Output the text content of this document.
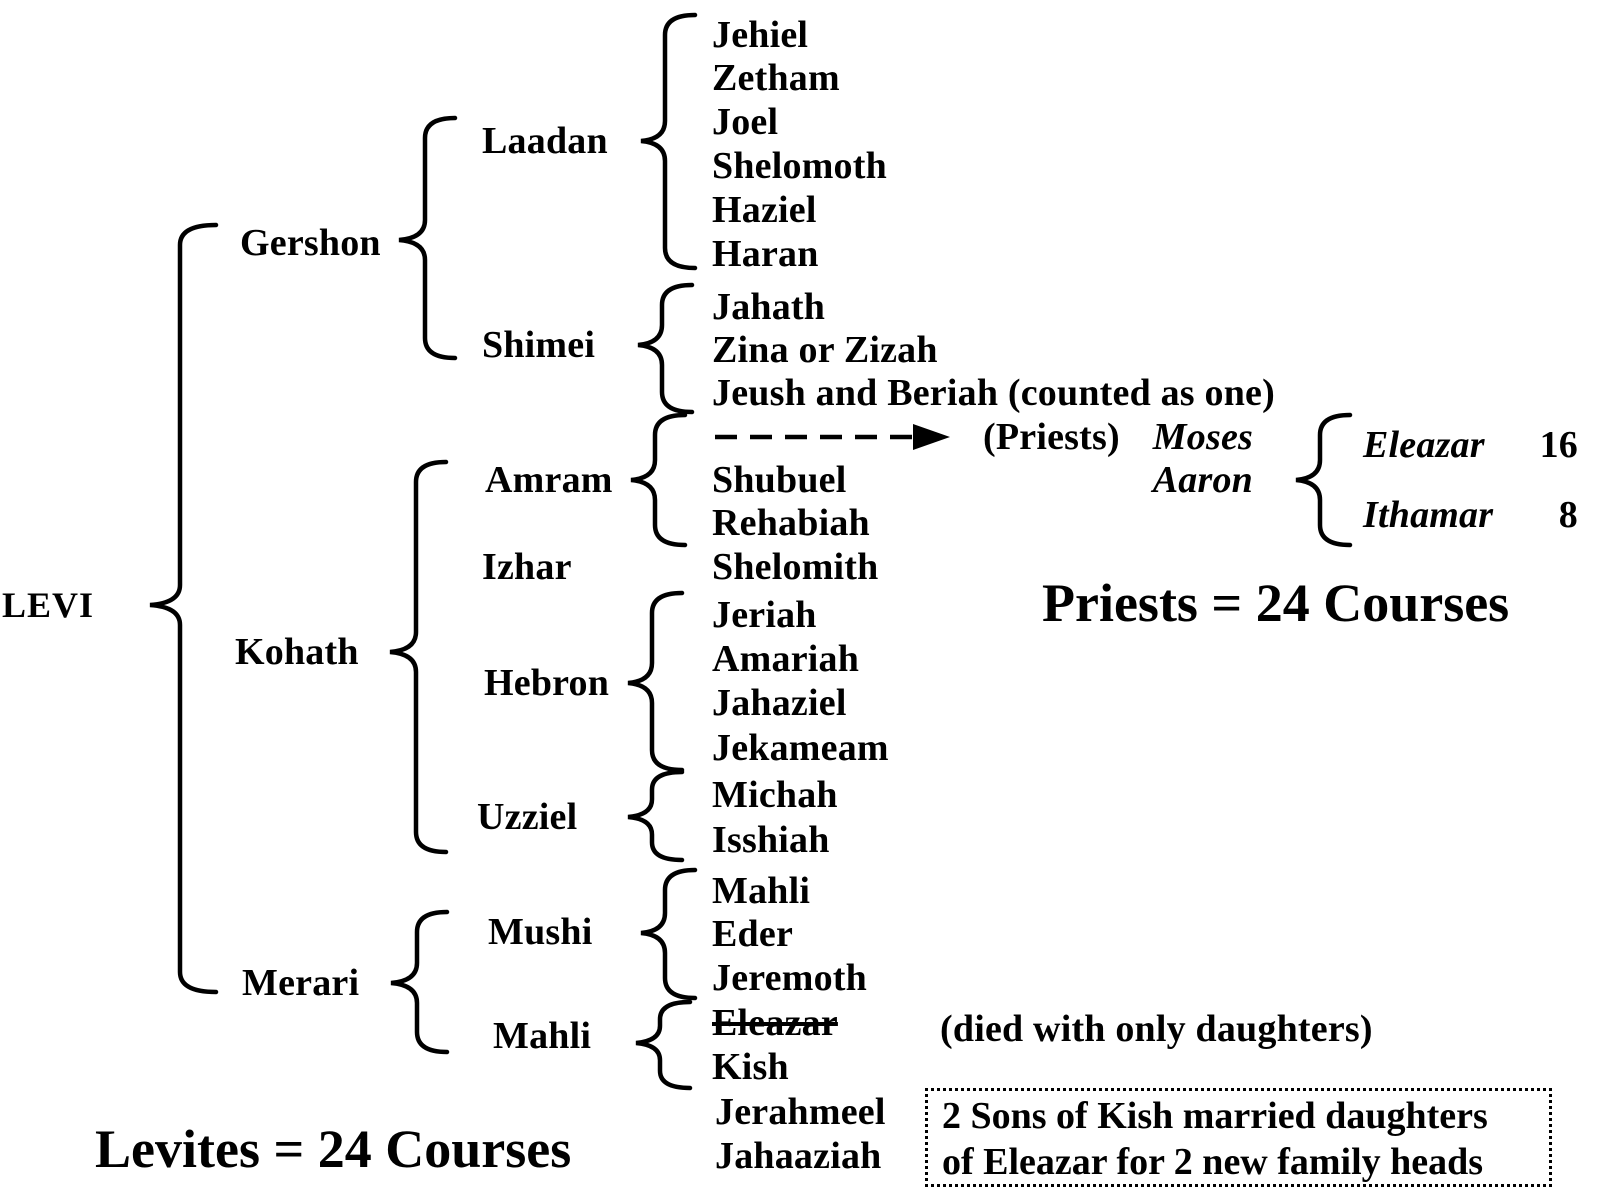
LEVI
Gershon
Kohath
Merari
Laadan
Shimei
Amram
Izhar
Hebron
Uzziel
Mushi
Mahli
Jehiel
Zetham
Joel
Shelomoth
Haziel
Haran
Jahath
Zina or Zizah
Jeush and Beriah (counted as one)
(Priests) Moses
Aaron
Shubuel
Rehabiah
Eleazar	16
Ithamar	8
Shelomith
Jeriah
Amariah
Jahaziel
Jekameam
Michah
Isshiah
Mahli
Eder
Jeremoth
Eleazar	(died with only daughters)
Kish
Jerahmeel
Jahaaziah
Priests = 24 Courses
Levites = 24 Courses
2 Sons of Kish married daughters
of Eleazar for 2 new family heads
